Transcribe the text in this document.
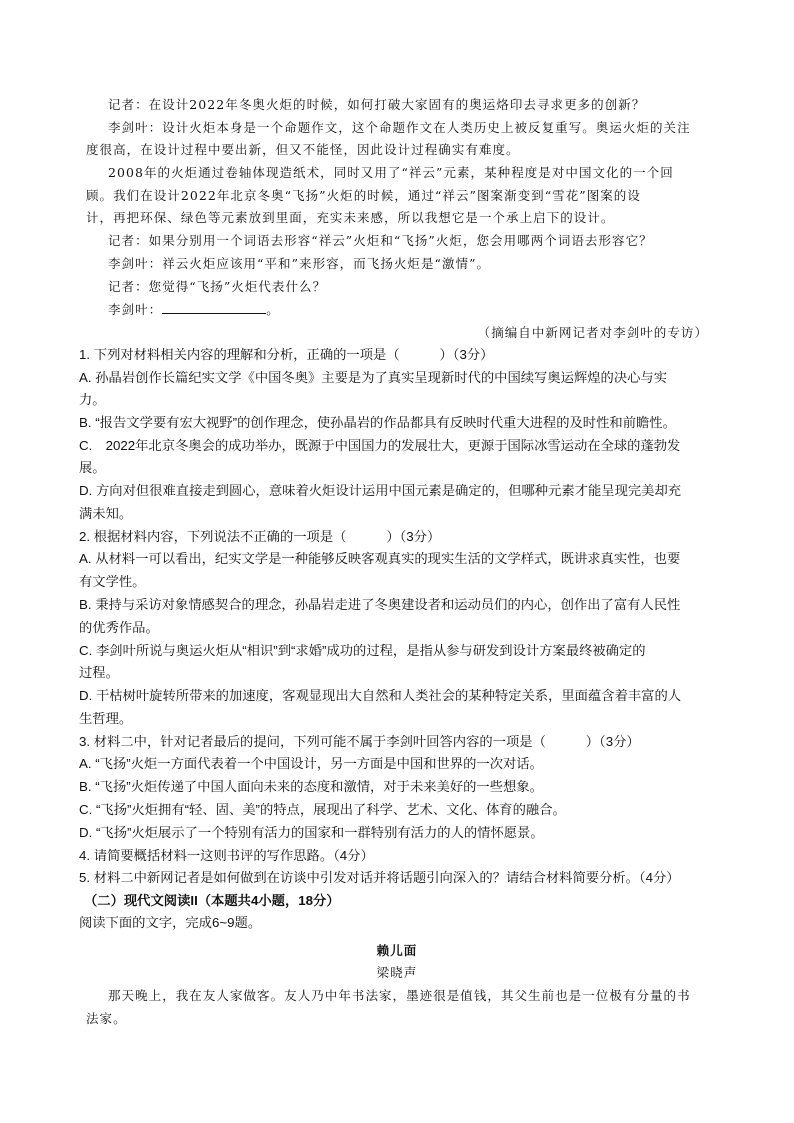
记者：在设计2022年冬奥火炬的时候，如何打破大家固有的奥运烙印去寻求更多的创新？

李剑叶：设计火炬本身是一个命题作文，这个命题作文在人类历史上被反复重写。奥运火炬的关注

度很高，在设计过程中要出新，但又不能怪，因此设计过程确实有难度。

2008年的火炬通过卷轴体现造纸术，同时又用了“祥云”元素，某种程度是对中国文化的一个回

顾。我们在设计2022年北京冬奥“飞扬”火炬的时候，通过“祥云”图案渐变到“雪花”图案的设

计，再把环保、绿色等元素放到里面，充实未来感，所以我想它是一个承上启下的设计。

记者：如果分别用一个词语去形容“祥云”火炬和“飞扬”火炬，您会用哪两个词语去形容它？

李剑叶：祥云火炬应该用“平和”来形容，而飞扬火炬是“激情”。

记者：您觉得“飞扬”火炬代表什么？

李剑叶：	。

（摘编自中新网记者对李剑叶的专访）

1. 下列对材料相关内容的理解和分析，正确的一项是（　　　）（3分）

A. 孙晶岩创作长篇纪实文学《中国冬奥》主要是为了真实呈现新时代的中国续写奥运辉煌的决心与实

力。

B. “报告文学要有宏大视野”的创作理念，使孙晶岩的作品都具有反映时代重大进程的及时性和前瞻性。

C.　2022年北京冬奥会的成功举办，既源于中国国力的发展壮大，更源于国际冰雪运动在全球的蓬勃发

展。

D. 方向对但很难直接走到圆心，意味着火炬设计运用中国元素是确定的，但哪种元素才能呈现完美却充

满未知。

2. 根据材料内容，下列说法不正确的一项是（　　　）（3分）

A. 从材料一可以看出，纪实文学是一种能够反映客观真实的现实生活的文学样式，既讲求真实性，也要

有文学性。

B. 秉持与采访对象情感契合的理念，孙晶岩走进了冬奥建设者和运动员们的内心，创作出了富有人民性

的优秀作品。

C. 李剑叶所说与奥运火炬从“相识”到“求婚”成功的过程，是指从参与研发到设计方案最终被确定的

过程。

D. 干枯树叶旋转所带来的加速度，客观显现出大自然和人类社会的某种特定关系，里面蕴含着丰富的人

生哲理。

3. 材料二中，针对记者最后的提问，下列可能不属于李剑叶回答内容的一项是（　　　）（3分）

A. “飞扬”火炬一方面代表着一个中国设计，另一方面是中国和世界的一次对话。

B. “飞扬”火炬传递了中国人面向未来的态度和激情，对于未来美好的一些想象。

C. “飞扬”火炬拥有“轻、固、美”的特点，展现出了科学、艺术、文化、体育的融合。

D. “飞扬”火炬展示了一个特别有活力的国家和一群特别有活力的人的情怀愿景。

4. 请简要概括材料一这则书评的写作思路。（4分）

5. 材料二中新网记者是如何做到在访谈中引发对话并将话题引向深入的？请结合材料简要分析。（4分）

（二）现代文阅读II（本题共4小题，18分）

阅读下面的文字，完成6~9题。

赖儿面

梁晓声

那天晚上，我在友人家做客。友人乃中年书法家，墨迹很是值钱，其父生前也是一位极有分量的书

法家。
